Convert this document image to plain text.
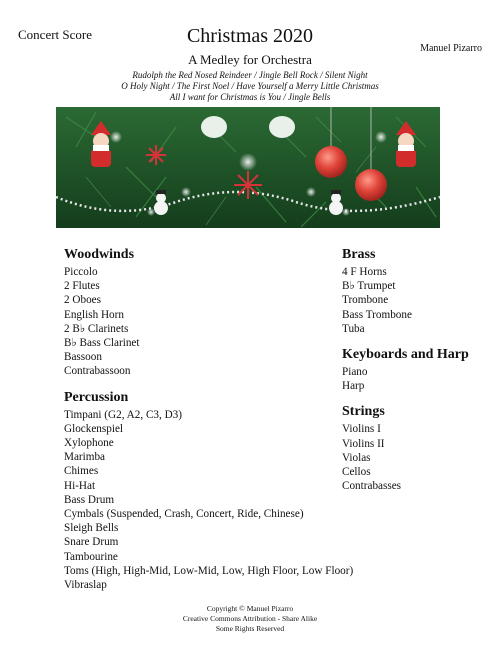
Concert Score	Christmas 2020
A Medley for Orchestra
Manuel Pizarro
Rudolph the Red Nosed Reindeer / Jingle Bell Rock / Silent Night
O Holy Night / The First Noel / Have Yourself a Merry Little Christmas
All I want for Christmas is You / Jingle Bells
Woodwinds
Piccolo
2 Flutes
2 Oboes
English Horn
2 B♭ Clarinets
B♭ Bass Clarinet
Bassoon
Contrabassoon
Percussion
Timpani (G2, A2, C3, D3)
Glockenspiel
Xylophone
Marimba
Chimes
Hi-Hat
Bass Drum
Cymbals (Suspended, Crash, Concert, Ride, Chinese)
Sleigh Bells
Snare Drum
Tambourine
Toms (High, High-Mid, Low-Mid, Low, High Floor, Low Floor)
Vibraslap
Brass
4 F Horns
B♭ Trumpet
Trombone
Bass Trombone
Tuba
Keyboards and Harp
Piano
Harp
Strings
Violins I
Violins II
Violas
Cellos
Contrabasses
Copyright © Manuel Pizarro
Creative Commons Attribution - Share Alike
Some Rights Reserved
